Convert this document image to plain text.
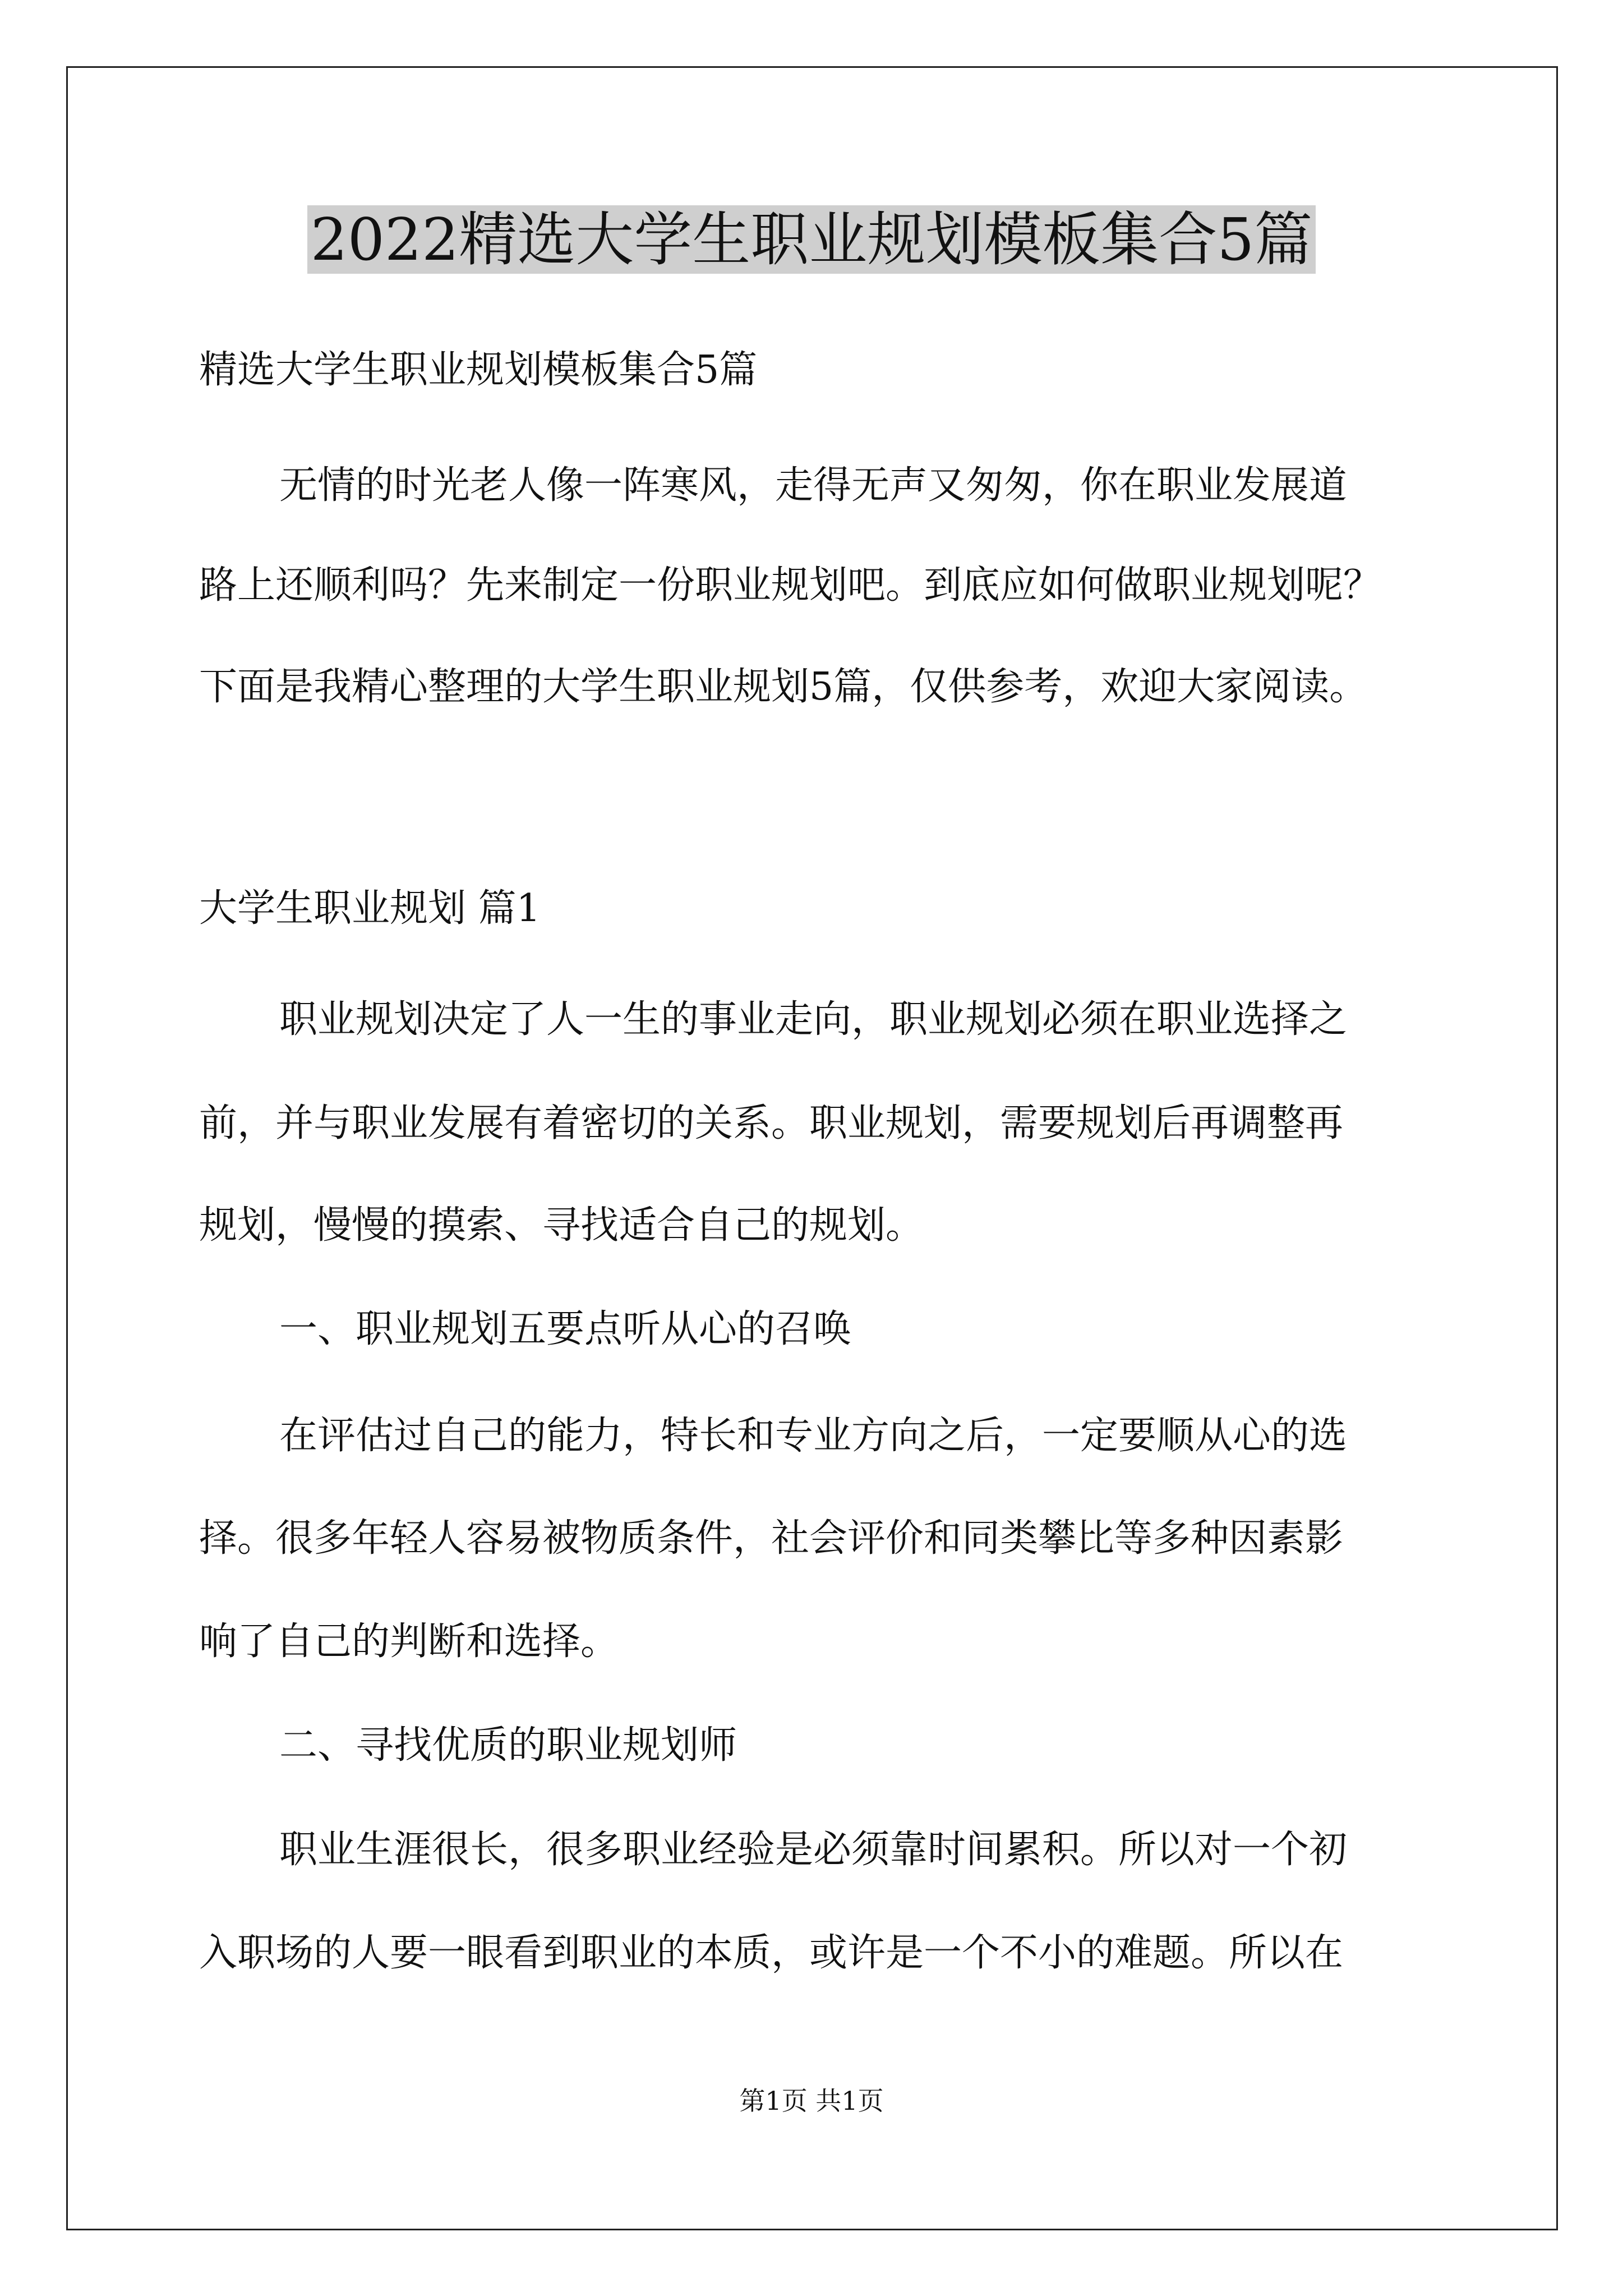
2022精选大学生职业规划模板集合5篇

精选大学生职业规划模板集合5篇

无情的时光老人像一阵寒风，走得无声又匆匆，你在职业发展道

路上还顺利吗？先来制定一份职业规划吧。到底应如何做职业规划呢？

下面是我精心整理的大学生职业规划5篇，仅供参考，欢迎大家阅读。

大学生职业规划 篇1

职业规划决定了人一生的事业走向，职业规划必须在职业选择之

前，并与职业发展有着密切的关系。职业规划，需要规划后再调整再

规划，慢慢的摸索、寻找适合自己的规划。

一、职业规划五要点听从心的召唤

在评估过自己的能力，特长和专业方向之后，一定要顺从心的选

择。很多年轻人容易被物质条件，社会评价和同类攀比等多种因素影

响了自己的判断和选择。

二、寻找优质的职业规划师

职业生涯很长，很多职业经验是必须靠时间累积。所以对一个初

入职场的人要一眼看到职业的本质，或许是一个不小的难题。所以在

第1页 共1页
